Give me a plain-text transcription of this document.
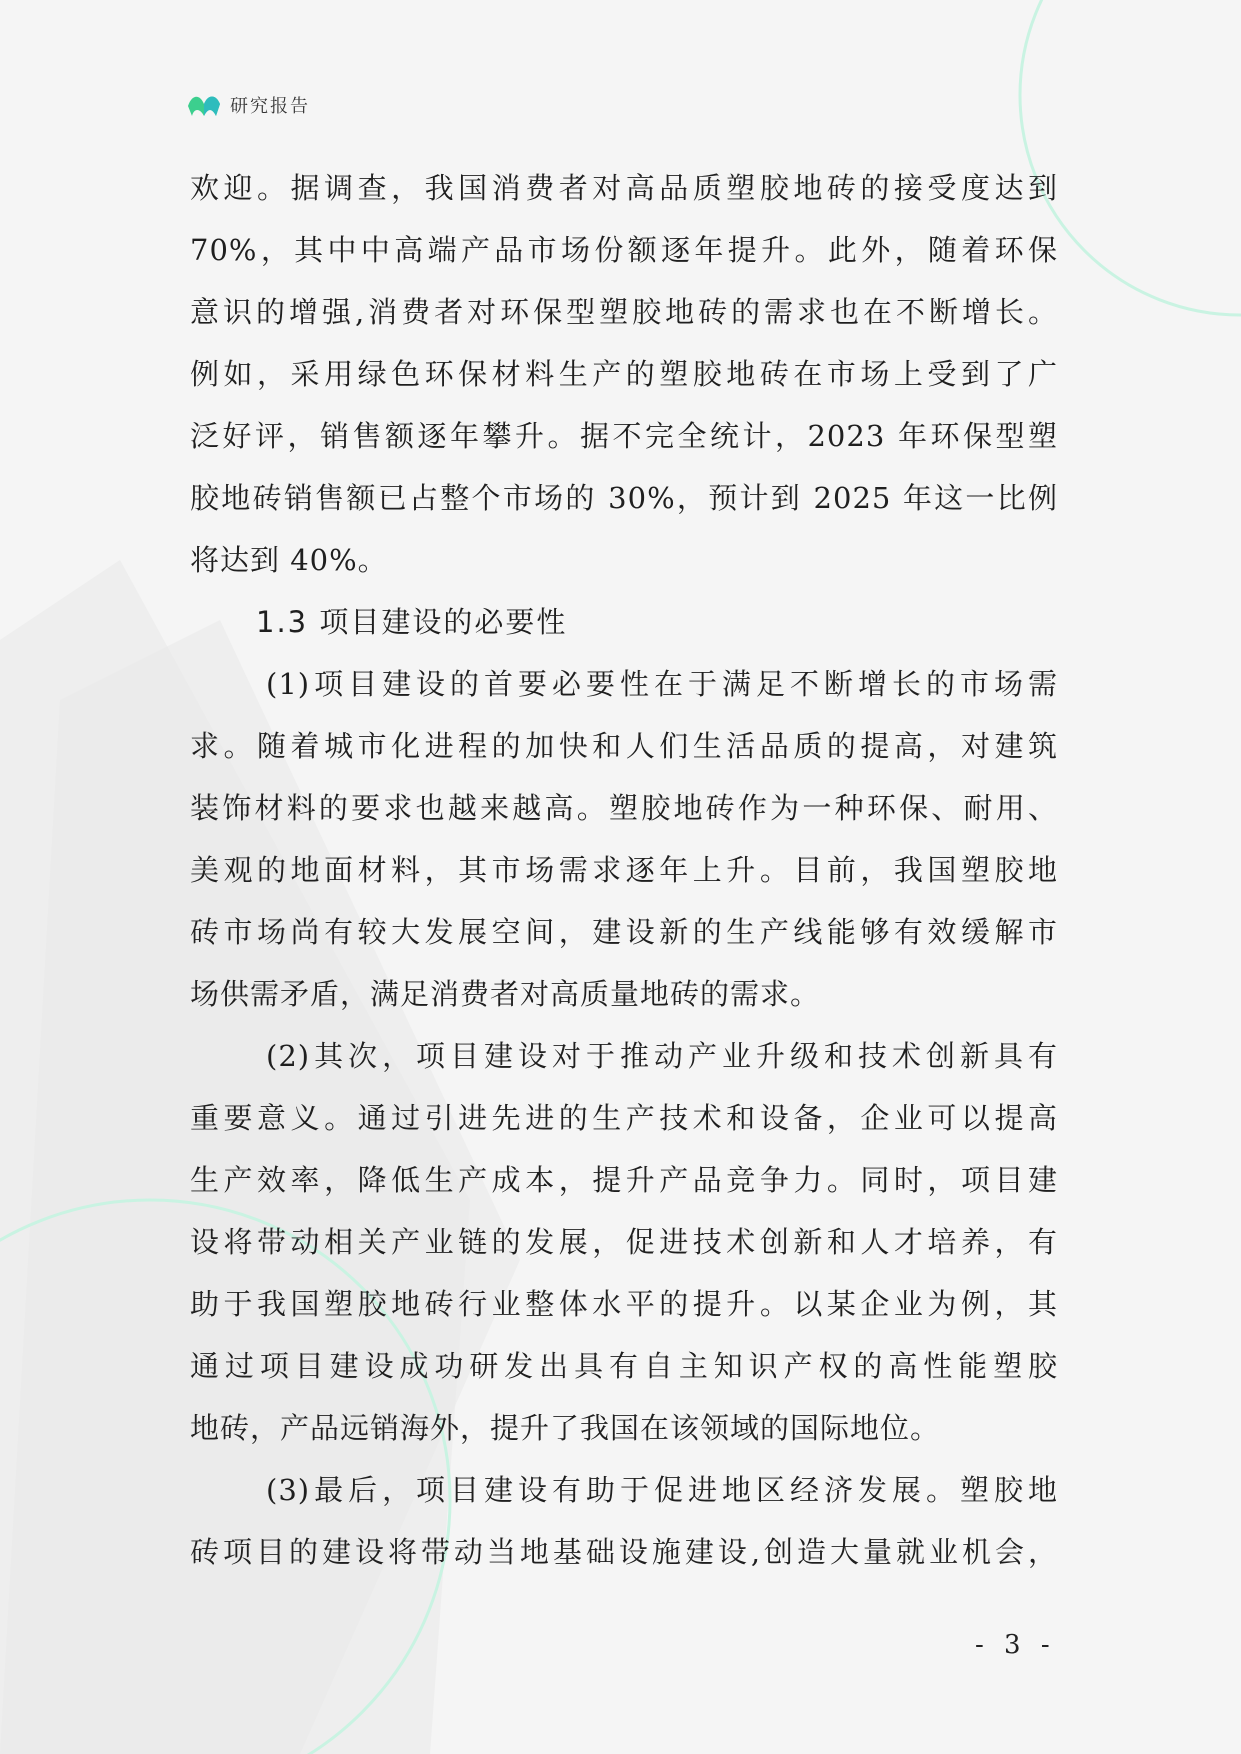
研究报告
欢迎。据调查，我国消费者对高品质塑胶地砖的接受度达到
70%，其中中高端产品市场份额逐年提升。此外，随着环保
意识的增强,消费者对环保型塑胶地砖的需求也在不断增长。
例如，采用绿色环保材料生产的塑胶地砖在市场上受到了广
泛好评，销售额逐年攀升。据不完全统计，2023 年环保型塑
胶地砖销售额已占整个市场的 30%，预计到 2025 年这一比例
将达到 40%。
1.3 项目建设的必要性
(1)项目建设的首要必要性在于满足不断增长的市场需
求。随着城市化进程的加快和人们生活品质的提高，对建筑
装饰材料的要求也越来越高。塑胶地砖作为一种环保、耐用、
美观的地面材料，其市场需求逐年上升。目前，我国塑胶地
砖市场尚有较大发展空间，建设新的生产线能够有效缓解市
场供需矛盾，满足消费者对高质量地砖的需求。
(2)其次，项目建设对于推动产业升级和技术创新具有
重要意义。通过引进先进的生产技术和设备，企业可以提高
生产效率，降低生产成本，提升产品竞争力。同时，项目建
设将带动相关产业链的发展，促进技术创新和人才培养，有
助于我国塑胶地砖行业整体水平的提升。以某企业为例，其
通过项目建设成功研发出具有自主知识产权的高性能塑胶
地砖，产品远销海外，提升了我国在该领域的国际地位。
(3)最后，项目建设有助于促进地区经济发展。塑胶地
砖项目的建设将带动当地基础设施建设,创造大量就业机会，
- 3 -
